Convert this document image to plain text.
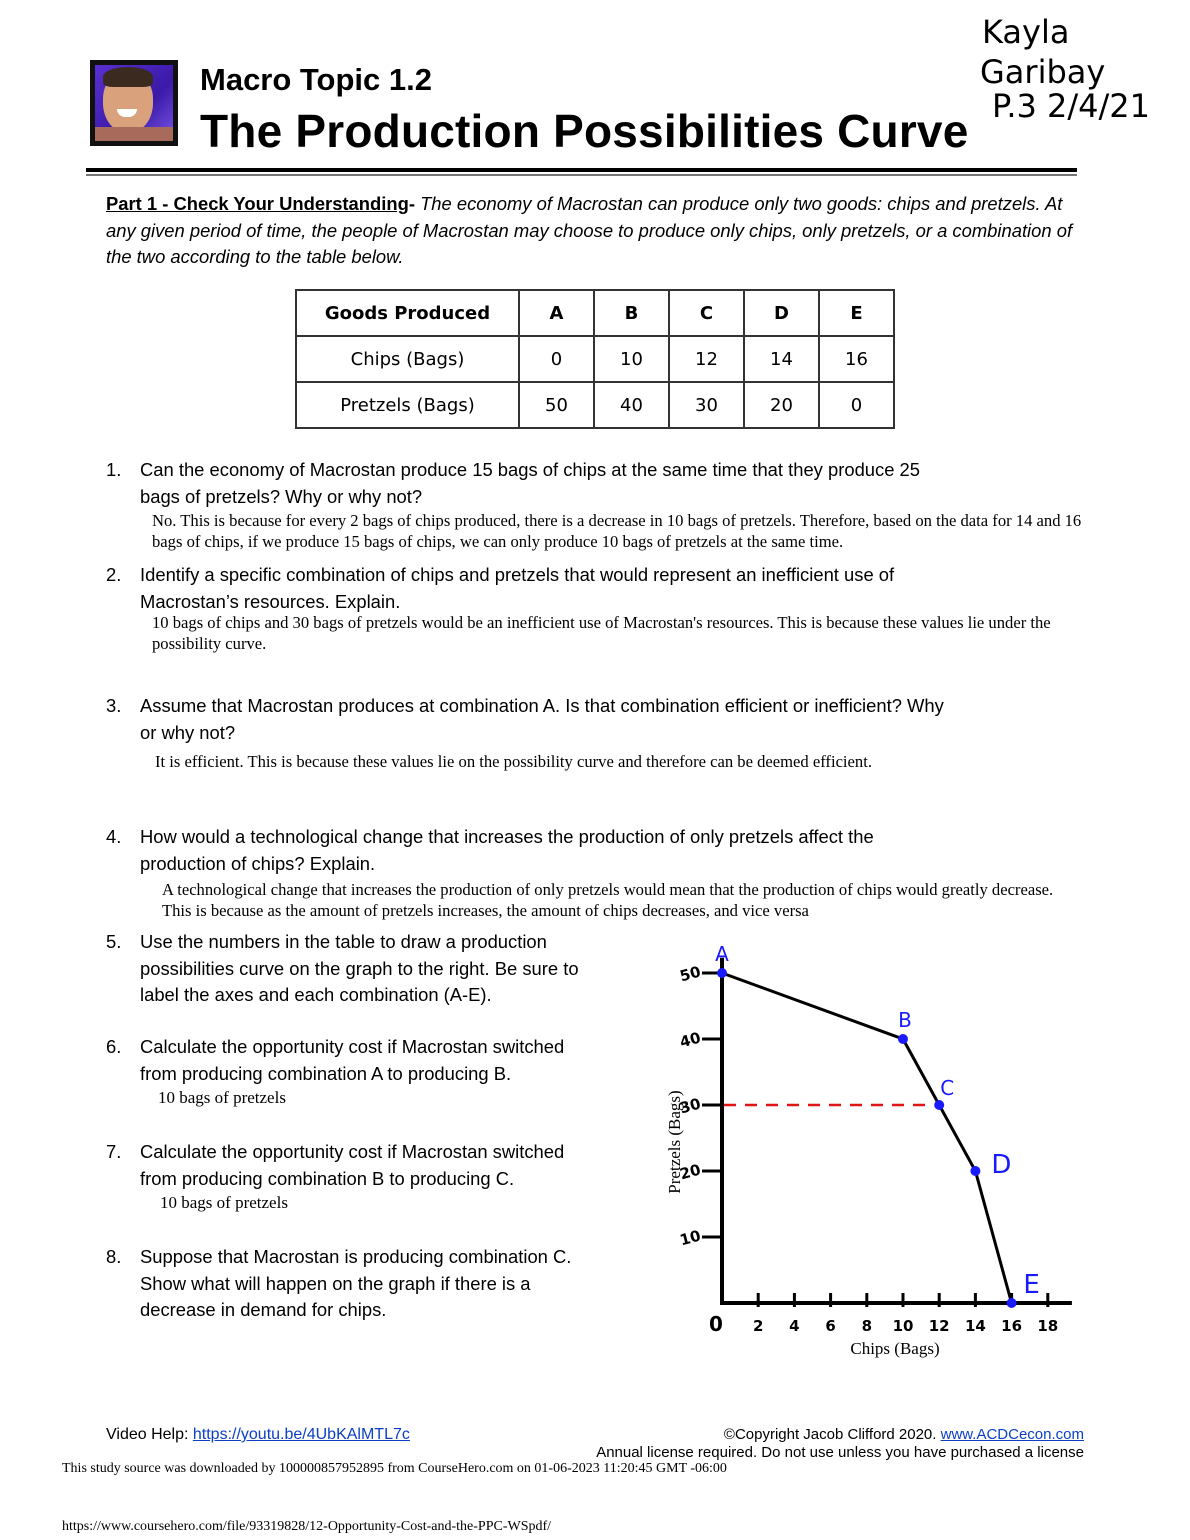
Macro Topic 1.2
The Production Possibilities Curve
Kayla
Garibay
P.3 2/4/21
Part 1 - Check Your Understanding- The economy of Macrostan can produce only two goods: chips and pretzels. At any given period of time, the people of Macrostan may choose to produce only chips, only pretzels, or a combination of the two according to the table below.
Goods Produced	A	B	C	D	E
Chips (Bags)	0	10	12	14	16
Pretzels (Bags)	50	40	30	20	0
1. Can the economy of Macrostan produce 15 bags of chips at the same time that they produce 25
bags of pretzels? Why or why not?
No. This is because for every 2 bags of chips produced, there is a decrease in 10 bags of pretzels. Therefore, based on the data for 14 and 16 bags of chips, if we produce 15 bags of chips, we can only produce 10 bags of pretzels at the same time.
2. Identify a specific combination of chips and pretzels that would represent an inefficient use of
Macrostan’s resources. Explain.
10 bags of chips and 30 bags of pretzels would be an inefficient use of Macrostan's resources. This is because these values lie under the possibility curve.
3. Assume that Macrostan produces at combination A. Is that combination efficient or inefficient? Why
or why not?
It is efficient. This is because these values lie on the possibility curve and therefore can be deemed efficient.
4. How would a technological change that increases the production of only pretzels affect the
production of chips? Explain.
A technological change that increases the production of only pretzels would mean that the production of chips would greatly decrease. This is because as the amount of pretzels increases, the amount of chips decreases, and vice versa
5. Use the numbers in the table to draw a production
possibilities curve on the graph to the right. Be sure to
label the axes and each combination (A-E).
6. Calculate the opportunity cost if Macrostan switched
from producing combination A to producing B.
10 bags of pretzels
7. Calculate the opportunity cost if Macrostan switched
from producing combination B to producing C.
10 bags of pretzels
8. Suppose that Macrostan is producing combination C.
Show what will happen on the graph if there is a
decrease in demand for chips.
0 2 4 6 8 10 12 14 16 18
10
20
30
40
50
A
B
C
D
E
Chips (Bags)
Pretzels (Bags)
Video Help: https://youtu.be/4UbKAlMTL7c	©Copyright Jacob Clifford 2020. www.ACDCecon.com
Annual license required. Do not use unless you have purchased a license
This study source was downloaded by 100000857952895 from CourseHero.com on 01-06-2023 11:20:45 GMT -06:00
https://www.coursehero.com/file/93319828/12-Opportunity-Cost-and-the-PPC-WSpdf/
